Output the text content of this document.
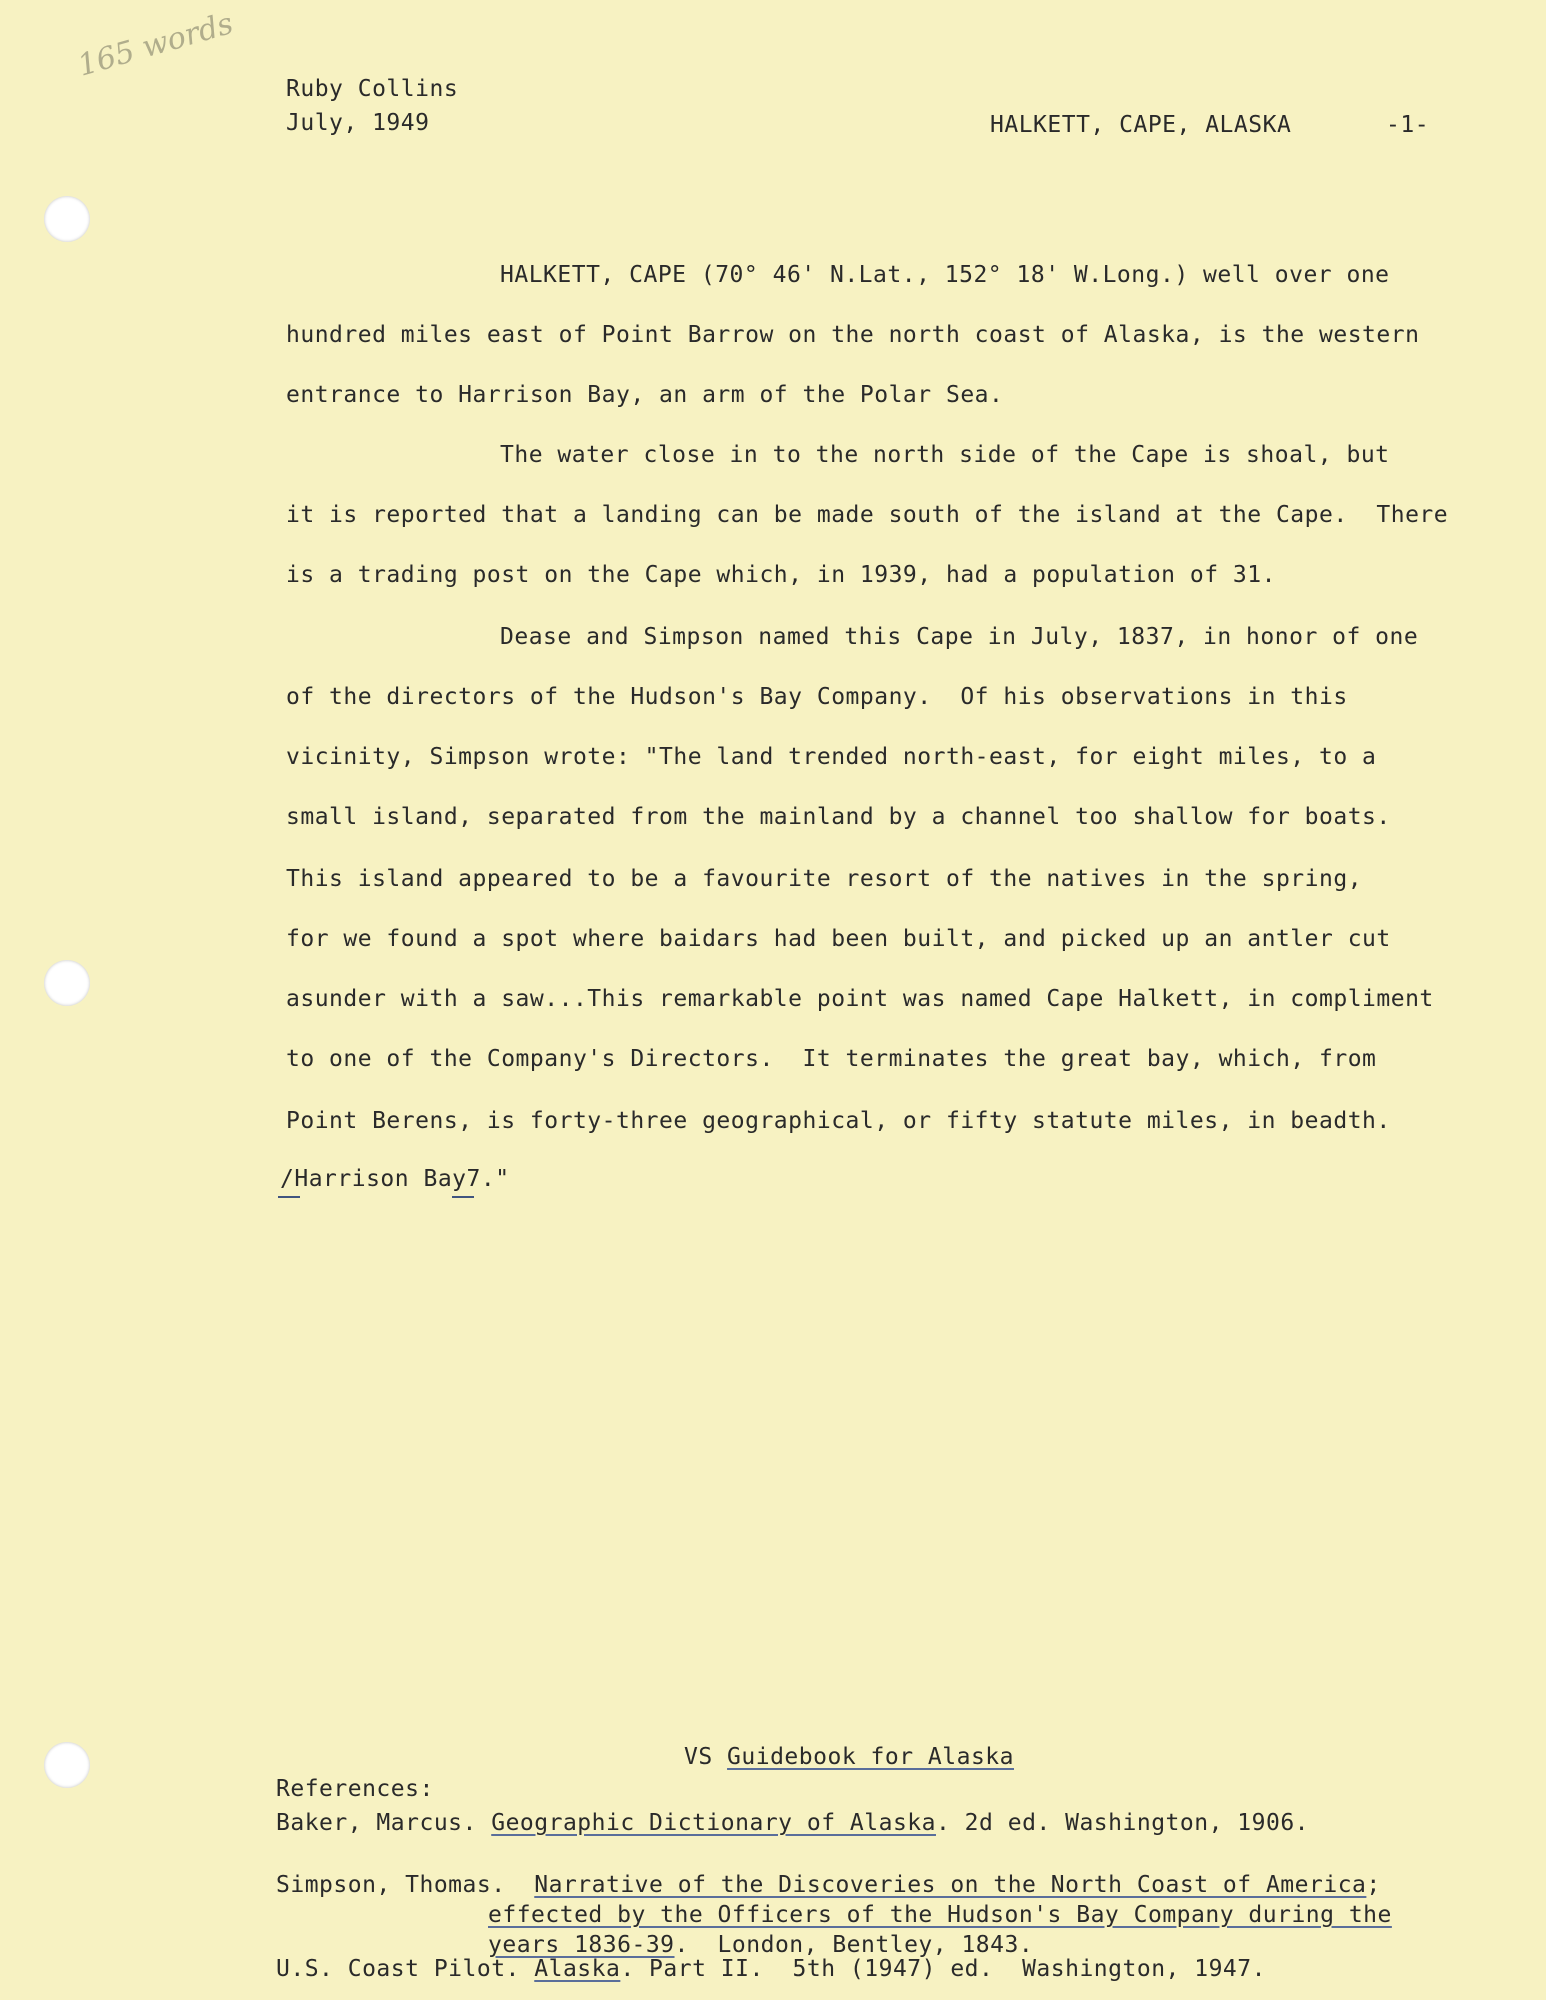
165 words
Ruby Collins
July, 1949	HALKETT, CAPE, ALASKA	-1-
HALKETT, CAPE (70° 46' N.Lat., 152° 18' W.Long.) well over one
hundred miles east of Point Barrow on the north coast of Alaska, is the western
entrance to Harrison Bay, an arm of the Polar Sea.
The water close in to the north side of the Cape is shoal, but
it is reported that a landing can be made south of the island at the Cape.  There
is a trading post on the Cape which, in 1939, had a population of 31.
Dease and Simpson named this Cape in July, 1837, in honor of one
of the directors of the Hudson's Bay Company.  Of his observations in this
vicinity, Simpson wrote: "The land trended north-east, for eight miles, to a
small island, separated from the mainland by a channel too shallow for boats.
This island appeared to be a favourite resort of the natives in the spring,
for we found a spot where baidars had been built, and picked up an antler cut
asunder with a saw...This remarkable point was named Cape Halkett, in compliment
to one of the Company's Directors.  It terminates the great bay, which, from
Point Berens, is forty-three geographical, or fifty statute miles, in beadth.
/Harrison Bay7."
VS Guidebook for Alaska
References:
Baker, Marcus. Geographic Dictionary of Alaska. 2d ed. Washington, 1906.
Simpson, Thomas.  Narrative of the Discoveries on the North Coast of America;
effected by the Officers of the Hudson's Bay Company during the
years 1836-39.  London, Bentley, 1843.
U.S. Coast Pilot. Alaska. Part II.  5th (1947) ed.  Washington, 1947.
